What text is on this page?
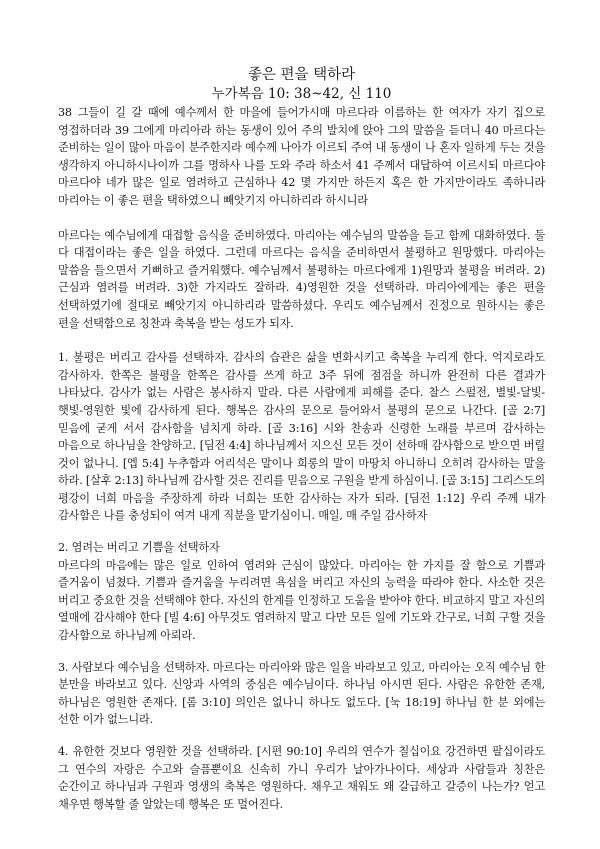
좋은 편을 택하라

누가복음 10: 38~42, 신 110

38 그들이 길 갈 때에 예수께서 한 마을에 들어가시매 마르다라 이름하는 한 여자가 자기 집으로 영접하더라 39 그에게 마리아라 하는 동생이 있어 주의 발치에 앉아 그의 말씀을 듣더니 40 마르다는 준비하는 일이 많아 마음이 분주한지라 예수께 나아가 이르되 주여 내 동생이 나 혼자 일하게 두는 것을 생각하지 아니하시나이까 그를 명하사 나를 도와 주라 하소서 41 주께서 대답하여 이르시되 마르다야 마르다야 네가 많은 일로 염려하고 근심하나 42 몇 가지만 하든지 혹은 한 가지만이라도 족하니라 마리아는 이 좋은 편을 택하였으니 빼앗기지 아니하리라 하시니라

마르다는 예수님에게 대접할 음식을 준비하였다. 마리아는 예수님의 말씀을 듣고 함께 대화하였다. 둘 다 대접이라는 좋은 일을 하였다. 그런데 마르다는 음식을 준비하면서 불평하고 원망했다. 마리아는 말씀을 들으면서 기뻐하고 즐거워했다. 예수님께서 불평하는 마르다에게 1)원망과 불평을 버려라. 2)근심과 염려를 버려라. 3)한 가지라도 잘하라. 4)영원한 것을 선택하라. 마리아에게는 좋은 편을 선택하였기에 절대로 빼앗기지 아니하리라 말씀하셨다. 우리도 예수님께서 진정으로 원하시는 좋은 편을 선택함으로 칭찬과 축복을 받는 성도가 되자.

1. 불평은 버리고 감사를 선택하자. 감사의 습관은 삶을 변화시키고 축복을 누리게 한다. 억지로라도 감사하자. 한쪽은 불평을 한쪽은 감사를 쓰게 하고 3주 뒤에 점검을 하니까 완전히 다른 결과가 나타났다. 감사가 없는 사람은 봉사하지 말라. 다른 사람에게 피해를 준다. 찰스 스펄전, 별빛-달빛-햇빛-영원한 빛에 감사하게 된다. 행복은 감사의 문으로 들어와서 불평의 문으로 나간다. [골 2:7] 믿음에 굳게 서서 감사함을 넘치게 하라. [골 3:16] 시와 찬송과 신령한 노래를 부르며 감사하는 마음으로 하나님을 찬양하고. [딤전 4:4] 하나님께서 지으신 모든 것이 선하매 감사함으로 받으면 버릴 것이 없나니. [엡 5:4] 누추함과 어리석은 말이나 희롱의 말이 마땅치 아니하니 오히려 감사하는 말을 하라. [살후 2:13] 하나님께 감사할 것은 진리를 믿음으로 구원을 받게 하심이니. [골 3:15] 그리스도의 평강이 너희 마음을 주장하게 하라 너희는 또한 감사하는 자가 되라. [딤전 1:12] 우리 주께 내가 감사함은 나를 충성되이 여겨 내게 직분을 맡기심이니. 매일, 매 주일 감사하자

2. 염려는 버리고 기쁨을 선택하자

마르다의 마음에는 많은 일로 인하여 염려와 근심이 많았다. 마리아는 한 가지를 잘 함으로 기쁨과 즐거움이 넘쳤다. 기쁨과 즐거움을 누리려면 욕심을 버리고 자신의 능력을 따라야 한다. 사소한 것은 버리고 중요한 것을 선택해야 한다. 자신의 한계를 인정하고 도움을 받아야 한다. 비교하지 말고 자신의 열매에 감사해야 한다 [빌 4:6] 아무것도 염려하지 말고 다만 모든 일에 기도와 간구로, 너희 구할 것을 감사함으로 하나님께 아뢰라.

3. 사람보다 예수님을 선택하자. 마르다는 마리아와 많은 일을 바라보고 있고, 마리아는 오직 예수님 한 분만을 바라보고 있다. 신앙과 사역의 중심은 예수님이다. 하나님 아시면 된다. 사람은 유한한 존재, 하나님은 영원한 존재다. [롬 3:10] 의인은 없나니 하나도 없도다. [눅 18:19] 하나님 한 분 외에는 선한 이가 없느니라.

4. 유한한 것보다 영원한 것을 선택하라. [시편 90:10] 우리의 연수가 칠십이요 강건하면 팔십이라도 그 연수의 자랑은 수고와 슬픔뿐이요 신속히 가니 우리가 날아가나이다. 세상과 사람들과 칭찬은 순간이고 하나님과 구원과 영생의 축복은 영원하다. 채우고 채워도 왜 갈급하고 갈증이 나는가? 얻고 채우면 행복할 줄 알았는데 행복은 또 멀어진다.
